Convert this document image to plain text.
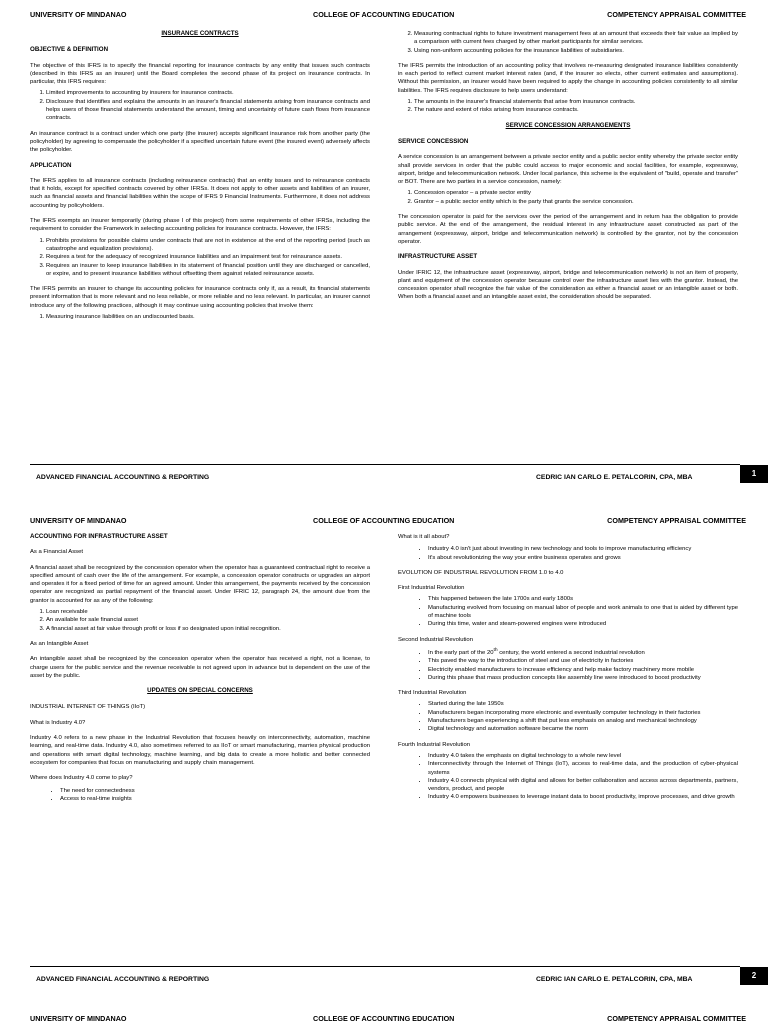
UNIVERSITY OF MINDANAO	COLLEGE OF ACCOUNTING EDUCATION	COMPETENCY APPRAISAL COMMITTEE
INSURANCE CONTRACTS
OBJECTIVE & DEFINITION

The objective of this IFRS is to specify the financial reporting for insurance contracts by any entity that issues such contracts (described in this IFRS as an insurer) until the Board completes the second phase of its project on insurance contracts. In particular, this IFRS requires:

1. Limited improvements to accounting by insurers for insurance contracts.
2. Disclosure that identifies and explains the amounts in an insurer's financial statements arising from insurance contracts and helps users of those financial statements understand the amount, timing and uncertainty of future cash flows from insurance contracts.

An insurance contract is a contract under which one party (the insurer) accepts significant insurance risk from another party (the policyholder) by agreeing to compensate the policyholder if a specified uncertain future event (the insured event) adversely affects the policyholder.

APPLICATION

The IFRS applies to all insurance contracts (including reinsurance contracts) that an entity issues and to reinsurance contracts that it holds, except for specified contracts covered by other IFRSs. It does not apply to other assets and liabilities of an insurer, such as financial assets and financial liabilities within the scope of IFRS 9 Financial Instruments. Furthermore, it does not address accounting by policyholders.

The IFRS exempts an insurer temporarily (during phase I of this project) from some requirements of other IFRSs, including the requirement to consider the Framework in selecting accounting policies for insurance contracts. However, the IFRS:

1. Prohibits provisions for possible claims under contracts that are not in existence at the end of the reporting period (such as catastrophe and equalization provisions).
2. Requires a test for the adequacy of recognized insurance liabilities and an impairment test for reinsurance assets.
3. Requires an insurer to keep insurance liabilities in its statement of financial position until they are discharged or cancelled, or expire, and to present insurance liabilities without offsetting them against related reinsurance assets.

The IFRS permits an insurer to change its accounting policies for insurance contracts only if, as a result, its financial statements present information that is more relevant and no less reliable, or more reliable and no less relevant. In particular, an insurer cannot introduce any of the following practices, although it may continue using accounting policies that involve them:

1. Measuring insurance liabilities on an undiscounted basis.
2. Measuring contractual rights to future investment management fees at an amount that exceeds their fair value as implied by a comparison with current fees charged by other market participants for similar services.
3. Using non-uniform accounting policies for the insurance liabilities of subsidiaries.

The IFRS permits the introduction of an accounting policy that involves re-measuring designated insurance liabilities consistently in each period to reflect current market interest rates (and, if the insurer so elects, other current estimates and assumptions). Without this permission, an insurer would have been required to apply the change in accounting policies consistently to all similar liabilities. The IFRS requires disclosure to help users understand:

1. The amounts in the insurer's financial statements that arise from insurance contracts.
2. The nature and extent of risks arising from insurance contracts.
SERVICE CONCESSION ARRANGEMENTS
SERVICE CONCESSION

A service concession is an arrangement between a private sector entity and a public sector entity whereby the private sector entity shall provide services in order that the public could access to major economic and social facilities, for example, expressway, airport, bridge and telecommunication network. Under local parlance, this scheme is the equivalent of "build, operate and transfer" or BOT. There are two parties in a service concession, namely:

1. Concession operator – a private sector entity
2. Grantor – a public sector entity which is the party that grants the service concession.

The concession operator is paid for the services over the period of the arrangement and in return has the obligation to provide public service. At the end of the arrangement, the residual interest in any infrastructure asset constructed as part of the arrangement (expressway, airport, bridge and telecommunication network) is controlled by the grantor, not by the concession operator.

INFRASTRUCTURE ASSET

Under IFRIC 12, the infrastructure asset (expressway, airport, bridge and telecommunication network) is not an item of property, plant and equipment of the concession operator because control over the infrastructure asset lies with the grantor. Instead, the concession operator shall recognize the fair value of the consideration as either a financial asset or an intangible asset or both. When both a financial asset and an intangible asset exist, the consideration should be separated.

ADVANCED FINANCIAL ACCOUNTING & REPORTING	CEDRIC IAN CARLO E. PETALCORIN, CPA, MBA	1
UNIVERSITY OF MINDANAO	COLLEGE OF ACCOUNTING EDUCATION	COMPETENCY APPRAISAL COMMITTEE
ACCOUNTING FOR INFRASTRUCTURE ASSET

As a Financial Asset

A financial asset shall be recognized by the concession operator when the operator has a guaranteed contractual right to receive a specified amount of cash over the life of the arrangement. For example, a concession operator constructs or upgrades an airport and operates it for a fixed period of time for an agreed amount. Under this arrangement, the payments received by the concession operator are recognized as partial repayment of the financial asset. Under IFRIC 12, paragraph 24, the amount due from the grantor is accounted for as any of the following:

1. Loan receivable
2. An available for sale financial asset
3. A financial asset at fair value through profit or loss if so designated upon initial recognition.

As an Intangible Asset

An intangible asset shall be recognized by the concession operator when the operator has received a right, not a license, to charge users for the public service and the revenue receivable is not agreed upon in advance but is dependent on the use of the asset by the public.

UPDATES ON SPECIAL CONCERNS

INDUSTRIAL INTERNET OF THINGS (IIoT)

What is Industry 4.0?

Industry 4.0 refers to a new phase in the Industrial Revolution that focuses heavily on interconnectivity, automation, machine learning, and real-time data. Industry 4.0, also sometimes referred to as IIoT or smart manufacturing, marries physical production and operations with smart digital technology, machine learning, and big data to create a more holistic and better connected ecosystem for companies that focus on manufacturing and supply chain management.

Where does Industry 4.0 come to play?

• The need for connectedness
• Access to real-time insights

What is it all about?

• Industry 4.0 isn't just about investing in new technology and tools to improve manufacturing efficiency
• It's about revolutionizing the way your entire business operates and grows

EVOLUTION OF INDUSTRIAL REVOLUTION FROM 1.0 to 4.0

First Industrial Revolution

• This happened between the late 1700s and early 1800s
• Manufacturing evolved from focusing on manual labor of people and work animals to one that is aided by different type of machine tools
• During this time, water and steam-powered engines were introduced

Second Industrial Revolution

• In the early part of the 20th century, the world entered a second industrial revolution
• This paved the way to the introduction of steel and use of electricity in factories
• Electricity enabled manufacturers to increase efficiency and help make factory machinery more mobile
• During this phase that mass production concepts like assembly line were introduced to boost productivity

Third Industrial Revolution

• Started during the late 1950s
• Manufacturers began incorporating more electronic and eventually computer technology in their factories
• Manufacturers began experiencing a shift that put less emphasis on analog and mechanical technology
• Digital technology and automation software became the norm

Fourth Industrial Revolution

• Industry 4.0 takes the emphasis on digital technology to a whole new level
• Interconnectivity through the Internet of Things (IoT), access to real-time data, and the production of cyber-physical systems
• Industry 4.0 connects physical with digital and allows for better collaboration and access across departments, partners, vendors, product, and people
• Industry 4.0 empowers businesses to leverage instant data to boost productivity, improve processes, and drive growth
ADVANCED FINANCIAL ACCOUNTING & REPORTING	CEDRIC IAN CARLO E. PETALCORIN, CPA, MBA	2
UNIVERSITY OF MINDANAO	COLLEGE OF ACCOUNTING EDUCATION	COMPETENCY APPRAISAL COMMITTEE
